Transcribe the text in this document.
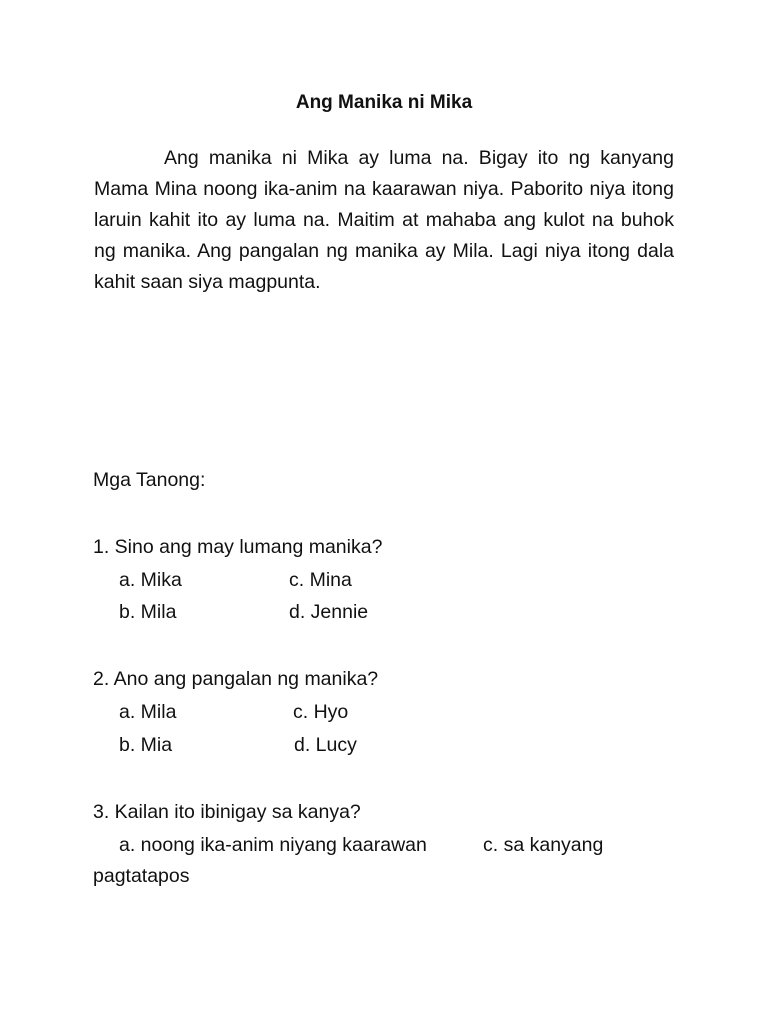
Ang Manika ni Mika

Ang manika ni Mika ay luma na. Bigay ito ng kanyang Mama Mina noong ika-anim na kaarawan niya. Paborito niya itong laruin kahit ito ay luma na. Maitim at mahaba ang kulot na buhok ng manika. Ang pangalan ng manika ay Mila. Lagi niya itong dala kahit saan siya magpunta.

Mga Tanong:
1. Sino ang may lumang manika?
a. Mika	c. Mina
b. Mila	d. Jennie
2. Ano ang pangalan ng manika?
a. Mila	c. Hyo
b. Mia	d. Lucy
3. Kailan ito ibinigay sa kanya?
a. noong ika-anim niyang kaarawan	c. sa kanyang
pagtatapos
